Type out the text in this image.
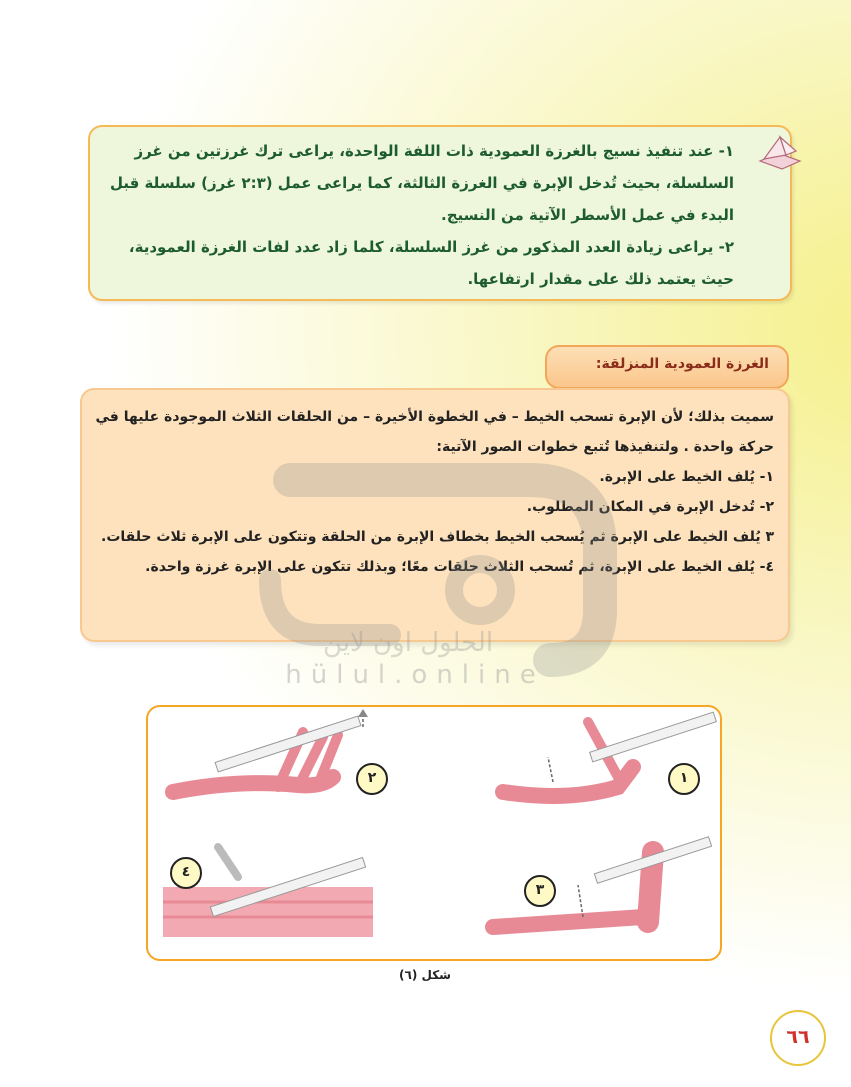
١- عند تنفيذ نسيج بالغرزة العمودية ذات اللفة الواحدة، يراعى ترك غرزتين من غرز السلسلة، بحيث تُدخل الإبرة في الغرزة الثالثة، كما يراعى عمل (٢:٣ غرز) سلسلة قبل البدء في عمل الأسطر الآتية من النسيج.

٢- يراعى زيادة العدد المذكور من غرز السلسلة، كلما زاد عدد لفات الغرزة العمودية، حيث يعتمد ذلك على مقدار ارتفاعها.

الغرزة العمودية المنزلقة:

سميت بذلك؛ لأن الإبرة تسحب الخيط – في الخطوة الأخيرة – من الحلقات الثلاث الموجودة عليها في حركة واحدة . ولتنفيذها تُتبع خطوات الصور الآتية:

١- يُلف الخيط على الإبرة.

٢- تُدخل الإبرة في المكان المطلوب.

٣ يُلف الخيط على الإبرة ثم يُسحب الخيط بخطاف الإبرة من الحلقة وتتكون على الإبرة ثلاث حلقات.

٤- يُلف الخيط على الإبرة، ثم تُسحب الثلاث حلقات معًا؛ وبذلك تتكون على الإبرة غرزة واحدة.

الحلول اون لاين
hülul.online
٢	١
٤
٣
شكل (٦)
٦٦
